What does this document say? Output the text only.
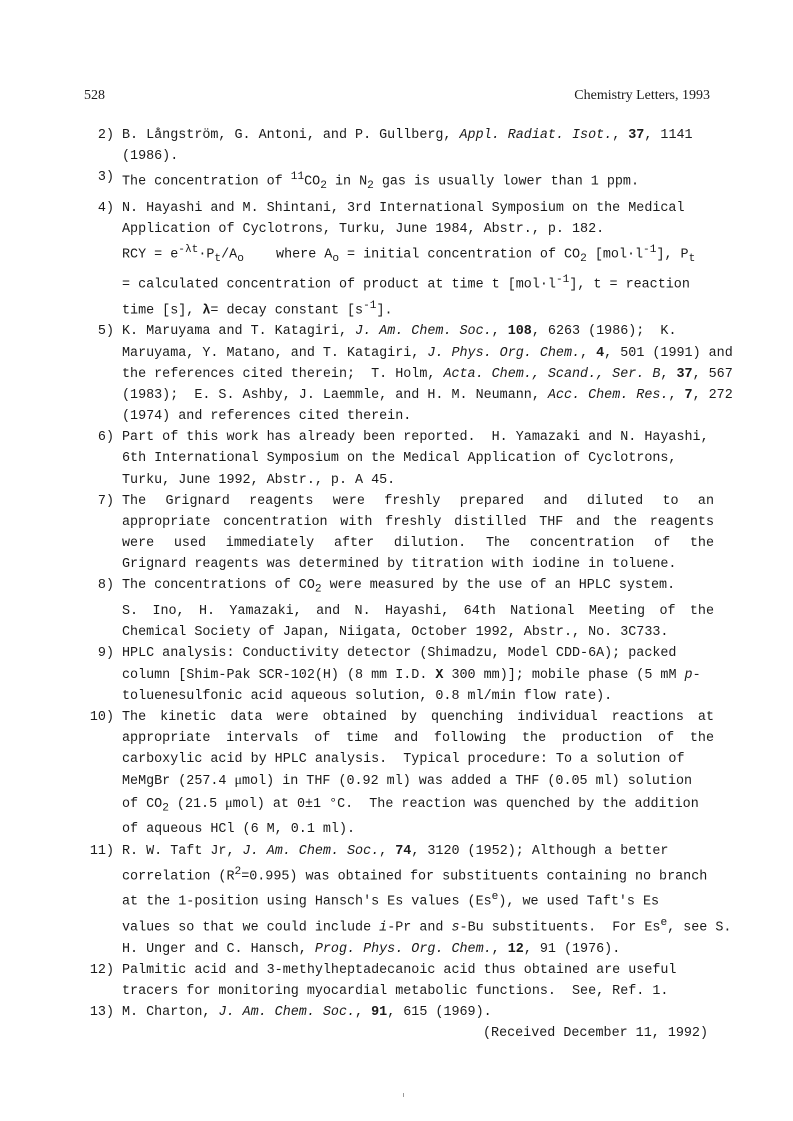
528	Chemistry Letters, 1993
2) B. Långström, G. Antoni, and P. Gullberg, Appl. Radiat. Isot., 37, 1141
(1986).
3) The concentration of $^{11}CO_2$ in $N_2$ gas is usually lower than 1 ppm.
4) N. Hayashi and M. Shintani, 3rd International Symposium on the Medical
Application of Cyclotrons, Turku, June 1984, Abstr., p. 182.
RCY = $e^{-\lambda t}\cdot P_t/A_o$    where $A_o$ = initial concentration of $CO_2$ $[mol\cdot l^{-1}]$, $P_t$
= calculated concentration of product at time t $[mol\cdot l^{-1}]$, t = reaction
time [s], λ= decay constant $[s^{-1}]$.
5) K. Maruyama and T. Katagiri, J. Am. Chem. Soc., 108, 6263 (1986);  K.
Maruyama, Y. Matano, and T. Katagiri, J. Phys. Org. Chem., 4, 501 (1991) and
the references cited therein;  T. Holm, Acta. Chem., Scand., Ser. B, 37, 567
(1983);  E. S. Ashby, J. Laemmle, and H. M. Neumann, Acc. Chem. Res., 7, 272
(1974) and references cited therein.
6) Part of this work has already been reported.  H. Yamazaki and N. Hayashi,
6th International Symposium on the Medical Application of Cyclotrons,
Turku, June 1992, Abstr., p. A 45.
7) The Grignard reagents were freshly prepared and diluted to an
appropriate concentration with freshly distilled THF and the reagents
were used immediately after dilution. The concentration of the
Grignard reagents was determined by titration with iodine in toluene.
8) The concentrations of $CO_2$ were measured by the use of an HPLC system.
S. Ino, H. Yamazaki, and N. Hayashi, 64th National Meeting of the
Chemical Society of Japan, Niigata, October 1992, Abstr., No. 3C733.
9) HPLC analysis: Conductivity detector (Shimadzu, Model CDD-6A); packed
column [Shim-Pak SCR-102(H) (8 mm I.D. X 300 mm)]; mobile phase (5 mM p-
toluenesulfonic acid aqueous solution, 0.8 ml/min flow rate).
10) The kinetic data were obtained by quenching individual reactions at
appropriate intervals of time and following the production of the
carboxylic acid by HPLC analysis.  Typical procedure: To a solution of
MeMgBr (257.4 μmol) in THF (0.92 ml) was added a THF (0.05 ml) solution
of $CO_2$ (21.5 μmol) at 0±1 °C.  The reaction was quenched by the addition
of aqueous HCl (6 M, 0.1 ml).
11) R. W. Taft Jr, J. Am. Chem. Soc., 74, 3120 (1952); Although a better
correlation $(R^2=0.995)$ was obtained for substituents containing no branch
at the 1-position using Hansch's Es values (Es$^e$), we used Taft's Es
values so that we could include i-Pr and s-Bu substituents.  For Es$^e$, see S.
H. Unger and C. Hansch, Prog. Phys. Org. Chem., 12, 91 (1976).
12) Palmitic acid and 3-methylheptadecanoic acid thus obtained are useful
tracers for monitoring myocardial metabolic functions.  See, Ref. 1.
13) M. Charton, J. Am. Chem. Soc., 91, 615 (1969).
(Received December 11, 1992)
